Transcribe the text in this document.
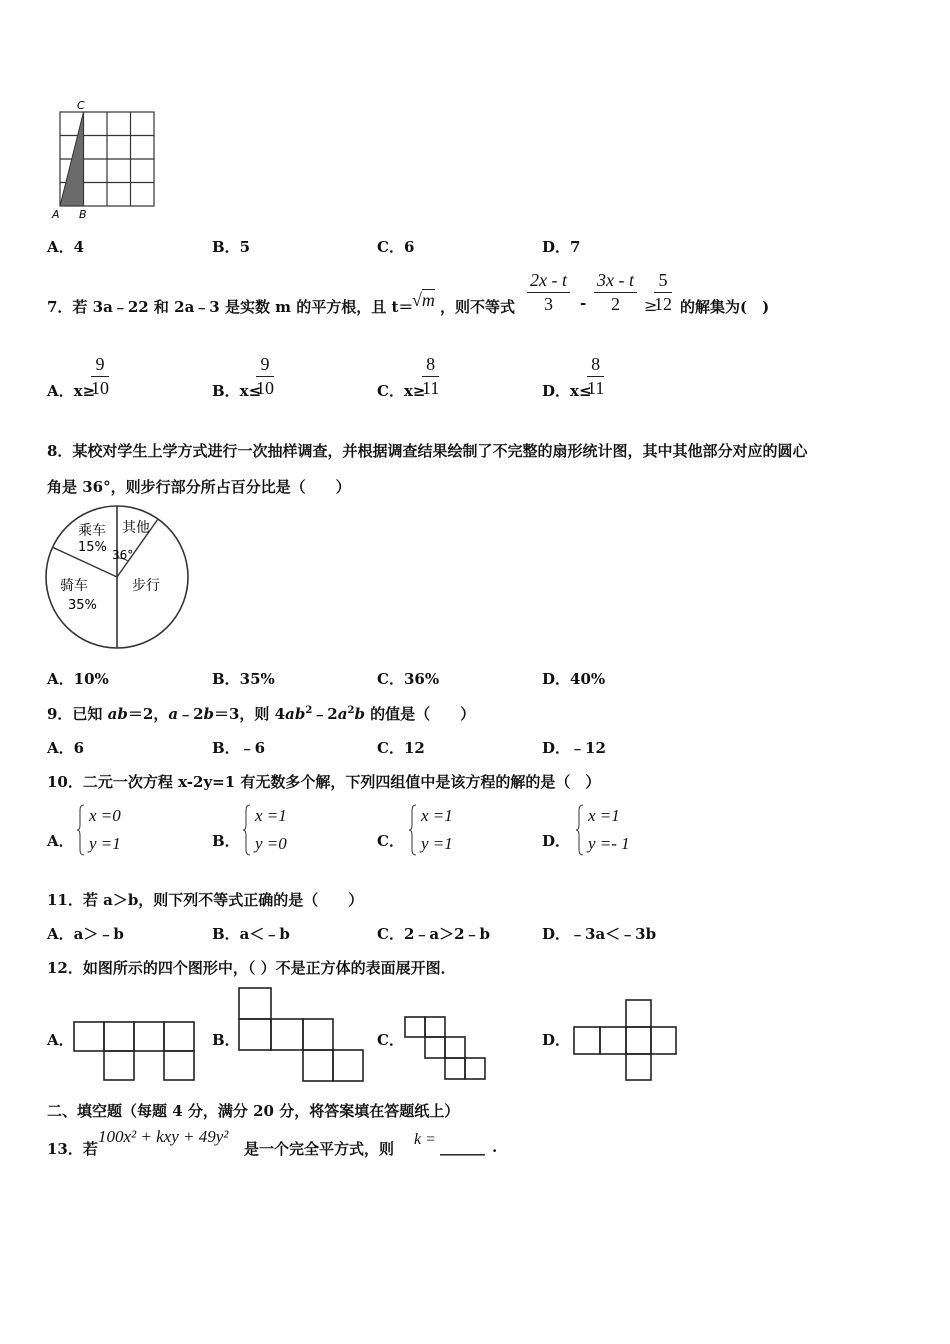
C
A B
A．4	B．5	C．6	D．7
7．若 3a﹣22 和 2a﹣3 是实数 m 的平方根，且 t＝
√m ，则不等式 $\frac{2x - t}{3} - \frac{3x - t}{2}$ ≥
$\frac{5}{12}$ 的解集为(　)
A．x≥
$\frac{9}{10}$	B．x≤
$\frac{9}{10}$	C．x≥
$\frac{8}{11}$	D．x≤
$\frac{8}{11}$
8．某校对学生上学方式进行一次抽样调查，并根据调查结果绘制了不完整的扇形统计图，其中其他部分对应的圆心
角是 36°，则步行部分所占百分比是（　　）
乘车
15%
其他
36°
骑车
35%
步行
A．10%	B．35%	C．36%	D．40%
9．已知 ab＝2，a﹣2b＝3，则 $4ab^2﹣2a^2b$ 的值是（　　）
A．6	B．﹣6	C．12	D．﹣12
10．二元一次方程 x-2y=1 有无数多个解，下列四组值中是该方程的解的是（　）
A．
x =0
y =1	B．
x =1
y =0	C．
x =1
y =1	D．
x =1
y =- 1
11．若 a＞b，则下列不等式正确的是（　　）
A．a＞﹣b	B．a＜﹣b	C．2﹣a＞2﹣b	D．﹣3a＜﹣3b
12．如图所示的四个图形中，（ ）不是正方体的表面展开图．
A．	B．	C．	D．
二、填空题（每题 4 分，满分 20 分，将答案填在答题纸上）
13．若
100x² + kxy + 49y²
是一个完全平方式，则
k = ______ .
